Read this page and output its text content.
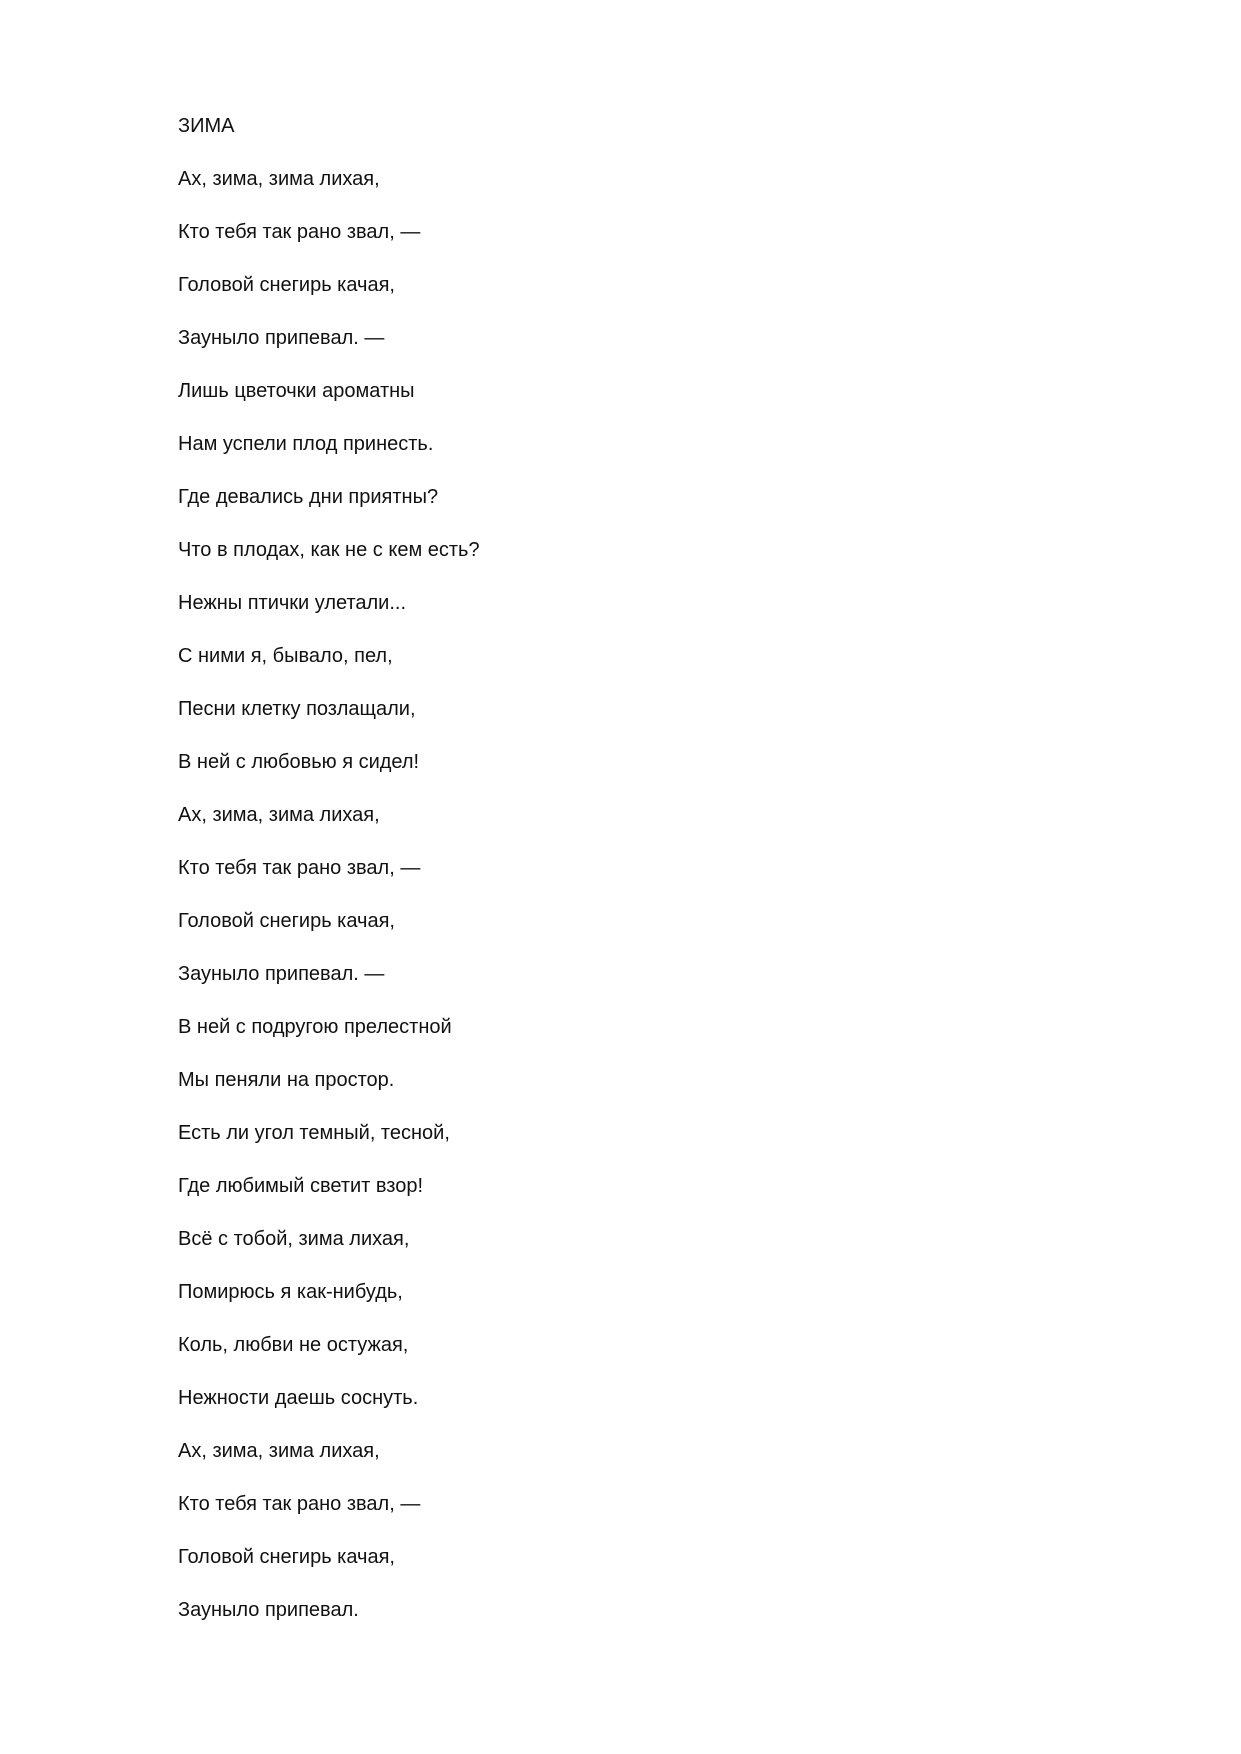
ЗИМА
Ах, зима, зима лихая,
Кто тебя так рано звал, —
Головой снегирь качая,
Зауныло припевал. —
Лишь цветочки ароматны
Нам успели плод принесть.
Где девались дни приятны?
Что в плодах, как не с кем есть?
Нежны птички улетали...
С ними я, бывало, пел,
Песни клетку позлащали,
В ней с любовью я сидел!
Ах, зима, зима лихая,
Кто тебя так рано звал, —
Головой снегирь качая,
Зауныло припевал. —
В ней с подругою прелестной
Мы пеняли на простор.
Есть ли угол темный, тесной,
Где любимый светит взор!
Всё с тобой, зима лихая,
Помирюсь я как-нибудь,
Коль, любви не остужая,
Нежности даешь соснуть.
Ах, зима, зима лихая,
Кто тебя так рано звал, —
Головой снегирь качая,
Зауныло припевал.
